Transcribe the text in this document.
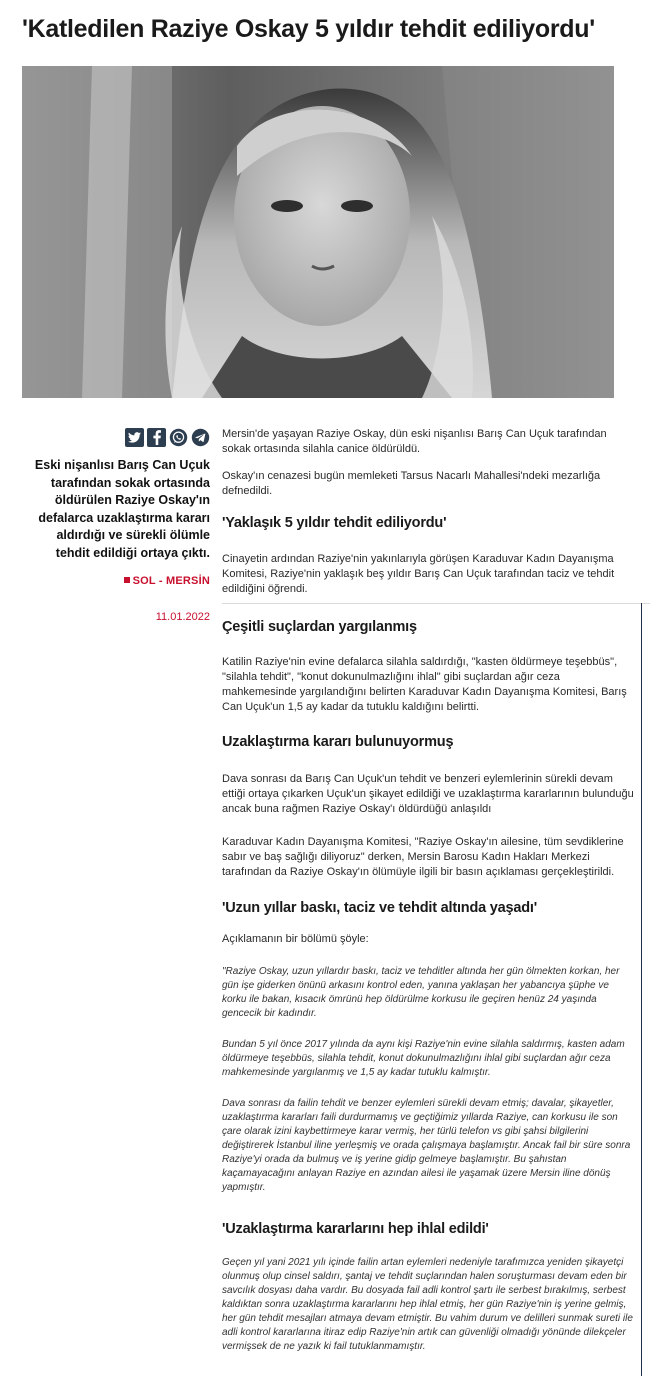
'Katledilen Raziye Oskay 5 yıldır tehdit ediliyordu'

Eski nişanlısı Barış Can Uçuk tarafından sokak ortasında öldürülen Raziye Oskay'ın defalarca uzaklaştırma kararı aldırdığı ve sürekli ölümle tehdit edildiği ortaya çıktı.

SOL - MERSİN
11.01.2022

Mersin'de yaşayan Raziye Oskay, dün eski nişanlısı Barış Can Uçuk tarafından sokak ortasında silahla canice öldürüldü.

Oskay'ın cenazesi bugün memleketi Tarsus Nacarlı Mahallesi'ndeki mezarlığa defnedildi.

'Yaklaşık 5 yıldır tehdit ediliyordu'

Cinayetin ardından Raziye'nin yakınlarıyla görüşen Karaduvar Kadın Dayanışma Komitesi, Raziye'nin yaklaşık beş yıldır Barış Can Uçuk tarafından taciz ve tehdit edildiğini öğrendi.

Çeşitli suçlardan yargılanmış

Katilin Raziye'nin evine defalarca silahla saldırdığı, "kasten öldürmeye teşebbüs", "silahla tehdit", "konut dokunulmazlığını ihlal" gibi suçlardan ağır ceza mahkemesinde yargılandığını belirten Karaduvar Kadın Dayanışma Komitesi, Barış Can Uçuk'un 1,5 ay kadar da tutuklu kaldığını belirtti.

Uzaklaştırma kararı bulunuyormuş

Dava sonrası da Barış Can Uçuk'un tehdit ve benzeri eylemlerinin sürekli devam ettiği ortaya çıkarken Uçuk'un şikayet edildiği ve uzaklaştırma kararlarının bulunduğu ancak buna rağmen Raziye Oskay'ı öldürdüğü anlaşıldı

Karaduvar Kadın Dayanışma Komitesi, "Raziye Oskay'ın ailesine, tüm sevdiklerine sabır ve baş sağlığı diliyoruz" derken, Mersin Barosu Kadın Hakları Merkezi tarafından da Raziye Oskay'ın ölümüyle ilgili bir basın açıklaması gerçekleştirildi.

'Uzun yıllar baskı, taciz ve tehdit altında yaşadı'

Açıklamanın bir bölümü şöyle:

"Raziye Oskay, uzun yıllardır baskı, taciz ve tehditler altında her gün ölmekten korkan, her gün işe giderken önünü arkasını kontrol eden, yanına yaklaşan her yabancıya şüphe ve korku ile bakan, kısacık ömrünü hep öldürülme korkusu ile geçiren henüz 24 yaşında gencecik bir kadındır.

Bundan 5 yıl önce 2017 yılında da aynı kişi Raziye'nin evine silahla saldırmış, kasten adam öldürmeye teşebbüs, silahla tehdit, konut dokunulmazlığını ihlal gibi suçlardan ağır ceza mahkemesinde yargılanmış ve 1,5 ay kadar tutuklu kalmıştır.

Dava sonrası da failin tehdit ve benzer eylemleri sürekli devam etmiş; davalar, şikayetler, uzaklaştırma kararları faili durdurmamış ve geçtiğimiz yıllarda Raziye, can korkusu ile son çare olarak izini kaybettirmeye karar vermiş, her türlü telefon vs gibi şahsi bilgilerini değiştirerek İstanbul iline yerleşmiş ve orada çalışmaya başlamıştır. Ancak fail bir süre sonra Raziye'yi orada da bulmuş ve iş yerine gidip gelmeye başlamıştır. Bu şahıstan kaçamayacağını anlayan Raziye en azından ailesi ile yaşamak üzere Mersin iline dönüş yapmıştır.

'Uzaklaştırma kararlarını hep ihlal edildi'

Geçen yıl yani 2021 yılı içinde failin artan eylemleri nedeniyle tarafımızca yeniden şikayetçi olunmuş olup cinsel saldırı, şantaj ve tehdit suçlarından halen soruşturması devam eden bir savcılık dosyası daha vardır. Bu dosyada fail adli kontrol şartı ile serbest bırakılmış, serbest kaldıktan sonra uzaklaştırma kararlarını hep ihlal etmiş, her gün Raziye'nin iş yerine gelmiş, her gün tehdit mesajları atmaya devam etmiştir. Bu vahim durum ve delilleri sunmak sureti ile adli kontrol kararlarına itiraz edip Raziye'nin artık can güvenliği olmadığı yönünde dilekçeler vermişsek de ne yazık ki fail tutuklanmamıştır.
